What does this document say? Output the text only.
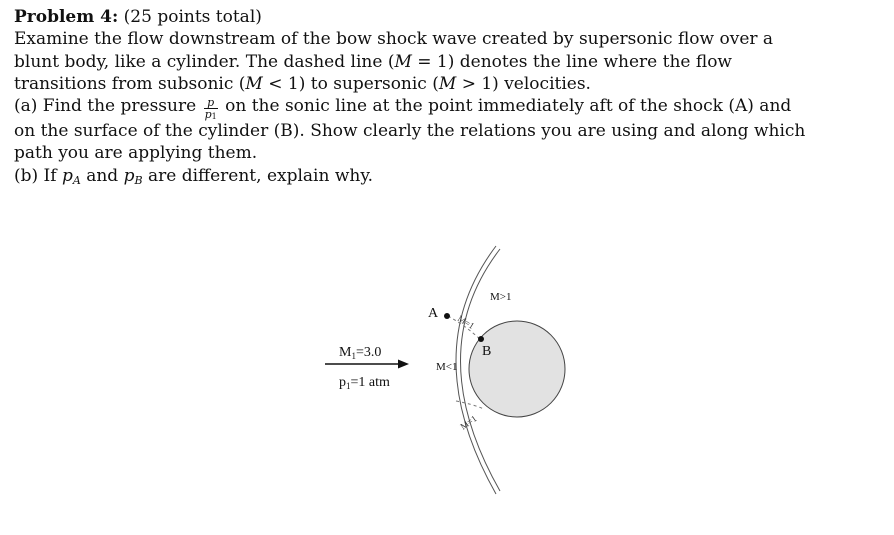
Problem 4: (25 points total)

Examine the flow downstream of the bow shock wave created by supersonic flow over a

blunt body, like a cylinder. The dashed line (M = 1) denotes the line where the flow

transitions from subsonic (M < 1) to supersonic (M > 1) velocities.

(a) Find the pressure $\frac{p}{p_1}$ on the sonic line at the point immediately aft of the shock (A) and

on the surface of the cylinder (B). Show clearly the relations you are using and along which

path you are applying them.

(b) If $p_A$ and $p_B$ are different, explain why.

A
B
M>1
M<1
M=1
M=1
$M_1=3.0$
$p_1=1$ atm
